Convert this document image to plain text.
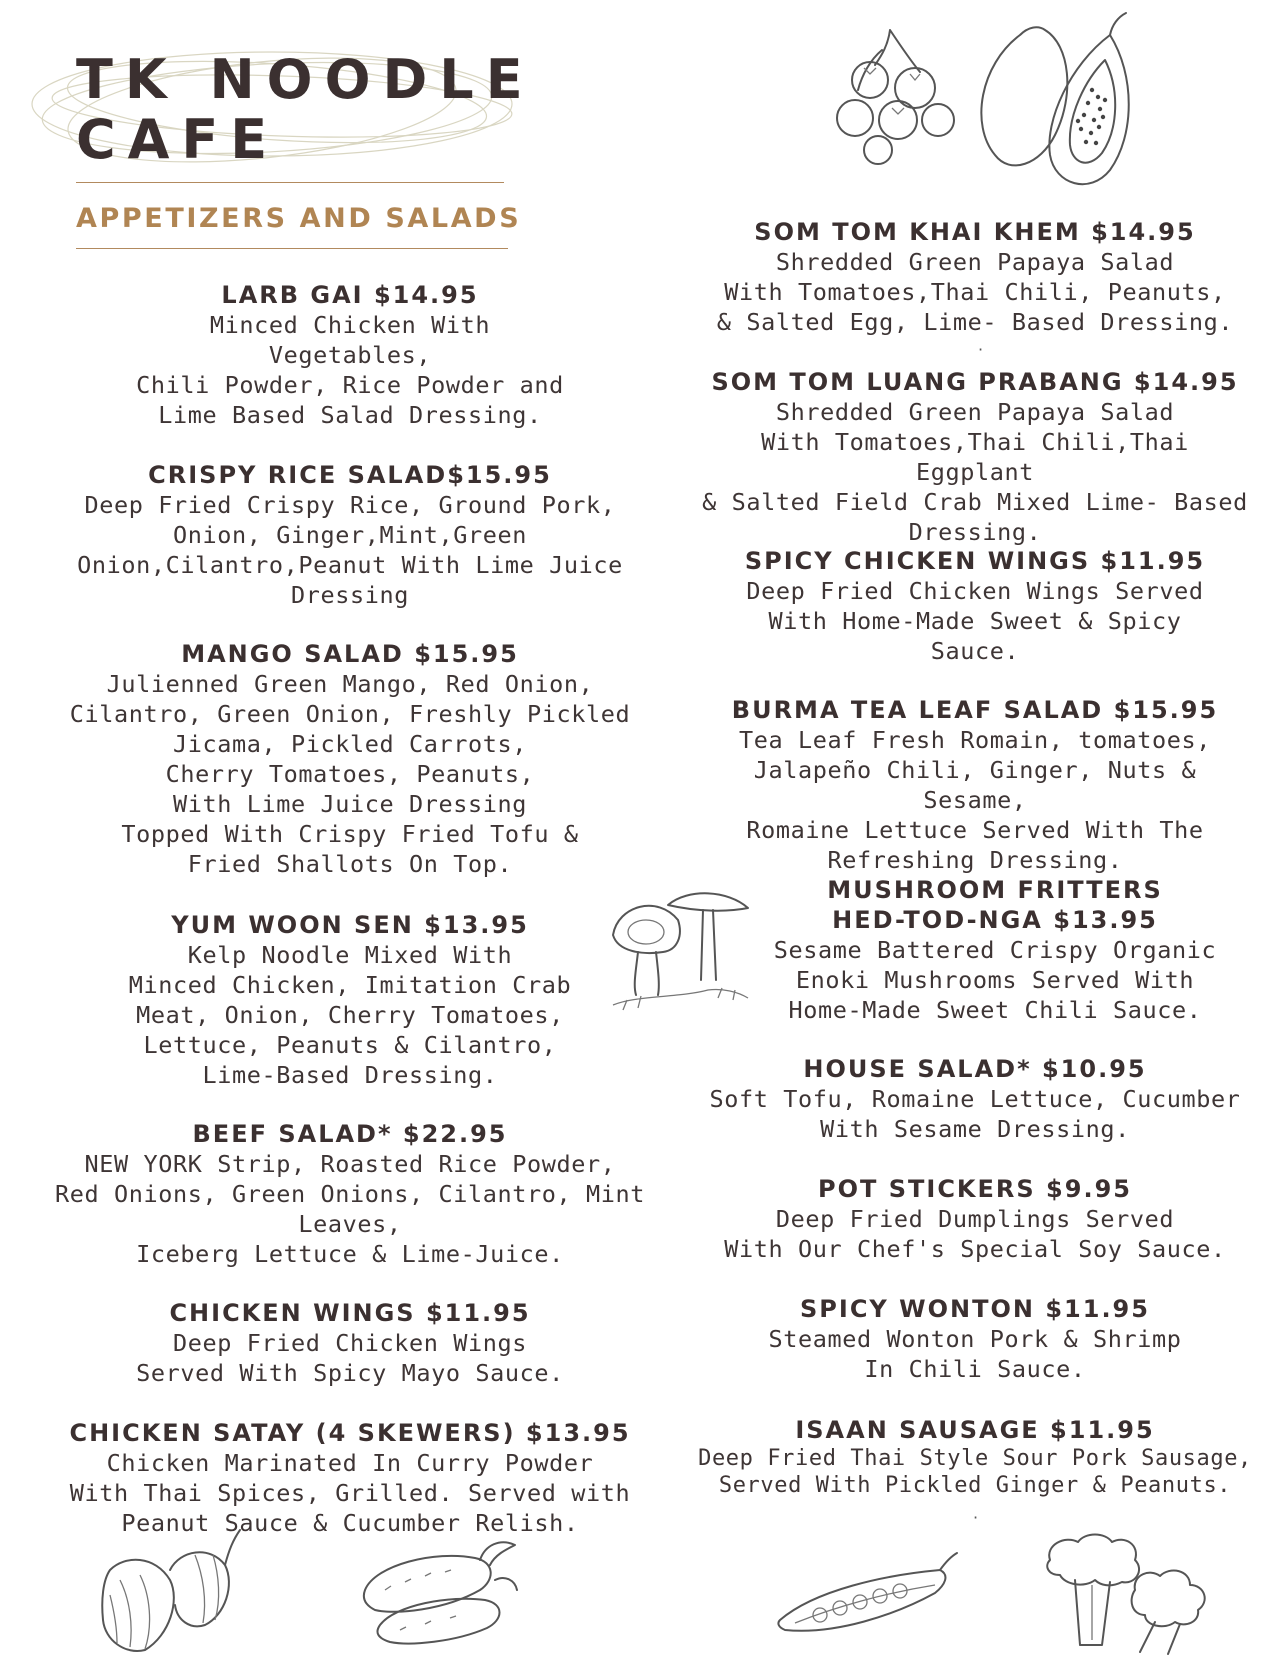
TK NOODLE
CAFE
APPETIZERS AND SALADS
LARB GAI $14.95
Minced Chicken With
Vegetables,
Chili Powder, Rice Powder and
Lime Based Salad Dressing.
CRISPY RICE SALAD$15.95
Deep Fried Crispy Rice, Ground Pork,
Onion, Ginger,Mint,Green
Onion,Cilantro,Peanut With Lime Juice
Dressing
MANGO SALAD $15.95
Julienned Green Mango, Red Onion,
Cilantro, Green Onion, Freshly Pickled
Jicama, Pickled Carrots,
Cherry Tomatoes, Peanuts,
With Lime Juice Dressing
Topped With Crispy Fried Tofu &
Fried Shallots On Top.
YUM WOON SEN $13.95
Kelp Noodle Mixed With
Minced Chicken, Imitation Crab
Meat, Onion, Cherry Tomatoes,
Lettuce, Peanuts & Cilantro,
Lime-Based Dressing.
BEEF SALAD* $22.95
NEW YORK Strip, Roasted Rice Powder,
Red Onions, Green Onions, Cilantro, Mint
Leaves,
Iceberg Lettuce & Lime-Juice.
CHICKEN WINGS $11.95
Deep Fried Chicken Wings
Served With Spicy Mayo Sauce.
CHICKEN SATAY (4 SKEWERS) $13.95
Chicken Marinated In Curry Powder
With Thai Spices, Grilled. Served with
Peanut Sauce & Cucumber Relish.
SOM TOM KHAI KHEM $14.95
Shredded Green Papaya Salad
With Tomatoes,Thai Chili, Peanuts,
& Salted Egg, Lime- Based Dressing.
SOM TOM LUANG PRABANG $14.95
Shredded Green Papaya Salad
With Tomatoes,Thai Chili,Thai Eggplant
& Salted Field Crab Mixed Lime- Based
Dressing.
SPICY CHICKEN WINGS $11.95
Deep Fried Chicken Wings Served
With Home-Made Sweet & Spicy
Sauce.
BURMA TEA LEAF SALAD $15.95
Tea Leaf Fresh Romain, tomatoes,
Jalapeño Chili, Ginger, Nuts & Sesame,
Romaine Lettuce Served With The
Refreshing Dressing.
MUSHROOM FRITTERS
HED-TOD-NGA $13.95
Sesame Battered Crispy Organic
Enoki Mushrooms Served With
Home-Made Sweet Chili Sauce.
HOUSE SALAD* $10.95
Soft Tofu, Romaine Lettuce, Cucumber
With Sesame Dressing.
POT STICKERS $9.95
Deep Fried Dumplings Served
With Our Chef's Special Soy Sauce.
SPICY WONTON $11.95
Steamed Wonton Pork & Shrimp
In Chili Sauce.
ISAAN SAUSAGE $11.95
Deep Fried Thai Style Sour Pork Sausage,
Served With Pickled Ginger & Peanuts.
·
·
